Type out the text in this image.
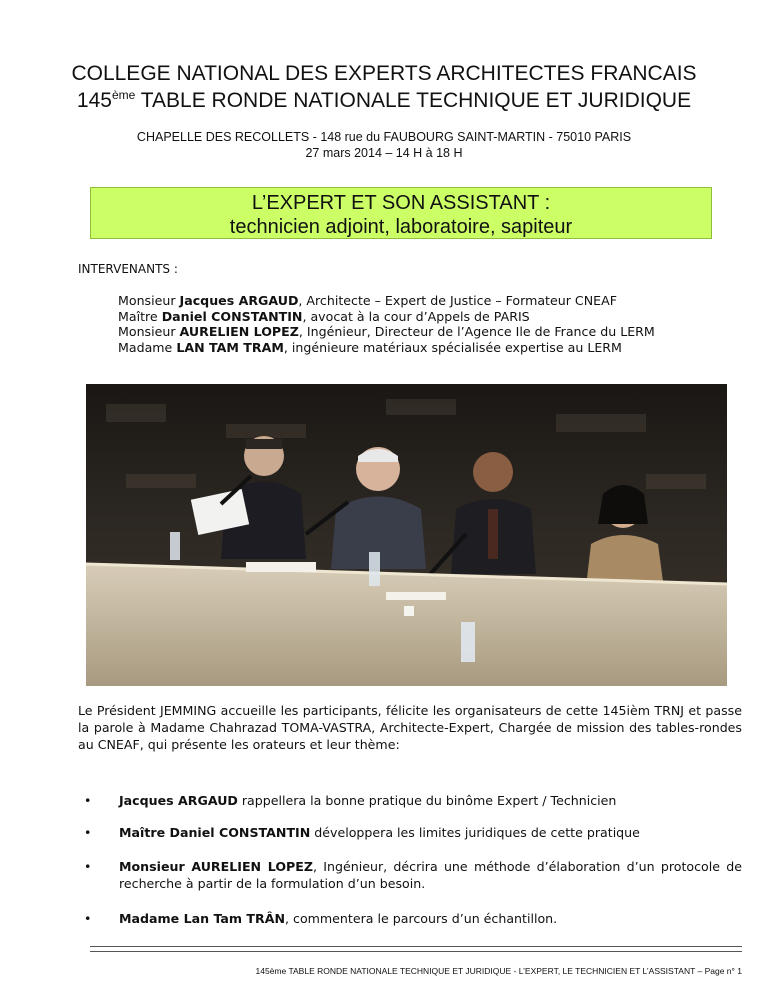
COLLEGE NATIONAL DES EXPERTS ARCHITECTES FRANCAIS
145ème TABLE RONDE NATIONALE TECHNIQUE ET JURIDIQUE
CHAPELLE DES RECOLLETS - 148 rue du FAUBOURG SAINT-MARTIN - 75010 PARIS
27 mars 2014 – 14 H à 18 H
L’EXPERT ET SON ASSISTANT :
technicien adjoint, laboratoire, sapiteur
INTERVENANTS :
Monsieur Jacques ARGAUD, Architecte – Expert de Justice – Formateur CNEAF
Maître Daniel CONSTANTIN, avocat à la cour d’Appels de PARIS
Monsieur AURELIEN LOPEZ, Ingénieur, Directeur de l’Agence Ile de France du LERM
Madame LAN TAM TRAM, ingénieure matériaux spécialisée expertise au LERM
Le Président JEMMING accueille les participants, félicite les organisateurs de cette 145ièm TRNJ et passe la parole à Madame Chahrazad TOMA-VASTRA, Architecte-Expert, Chargée de mission des tables-rondes au CNEAF, qui présente les orateurs et leur thème:
• Jacques ARGAUD rappellera la bonne pratique du binôme Expert / Technicien
• Maître Daniel CONSTANTIN développera les limites juridiques de cette pratique
• Monsieur AURELIEN LOPEZ, Ingénieur, décrira une méthode d’élaboration d’un protocole de recherche à partir de la formulation d’un besoin.
• Madame Lan Tam TRÂN, commentera le parcours d’un échantillon.
145ème TABLE RONDE NATIONALE TECHNIQUE ET JURIDIQUE - L’EXPERT, LE TECHNICIEN ET L’ASSISTANT – Page n° 1
